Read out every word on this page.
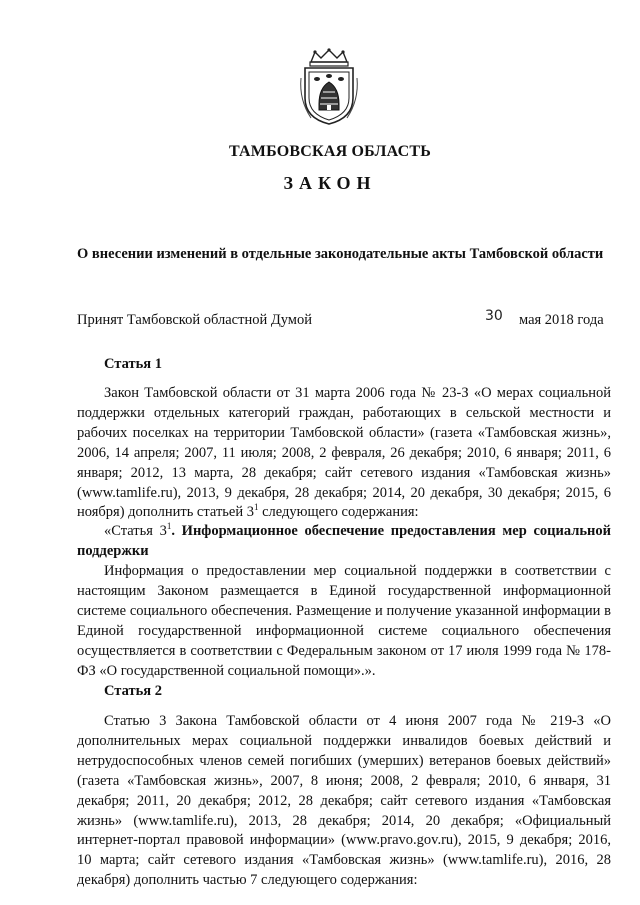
ТАМБОВСКАЯ ОБЛАСТЬ
ЗАКОН
О внесении изменений в отдельные законодательные акты Тамбовской области
Принят Тамбовской областной Думой	30 мая 2018 года
Статья 1

Закон Тамбовской области от 31 марта 2006 года № 23-З «О мерах социальной поддержки отдельных категорий граждан, работающих в сельской местности и рабочих поселках на территории Тамбовской области» (газета «Тамбовская жизнь», 2006, 14 апреля; 2007, 11 июля; 2008, 2 февраля, 26 декабря; 2010, 6 января; 2011, 6 января; 2012, 13 марта, 28 декабря; сайт сетевого издания «Тамбовская жизнь» (www.tamlife.ru), 2013, 9 декабря, 28 декабря; 2014, 20 декабря, 30 декабря; 2015, 6 ноября) дополнить статьей $3^1$ следующего содержания:

«Статья $3^1$. Информационное обеспечение предоставления мер социальной поддержки

Информация о предоставлении мер социальной поддержки в соответствии с настоящим Законом размещается в Единой государственной информационной системе социального обеспечения. Размещение и получение указанной информации в Единой государственной информационной системе социального обеспечения осуществляется в соответствии с Федеральным законом от 17 июля 1999 года № 178-ФЗ «О государственной социальной помощи».».

Статья 2

Статью 3 Закона Тамбовской области от 4 июня 2007 года № 219-З «О дополнительных мерах социальной поддержки инвалидов боевых действий и нетрудоспособных членов семей погибших (умерших) ветеранов боевых действий» (газета «Тамбовская жизнь», 2007, 8 июня; 2008, 2 февраля; 2010, 6 января, 31 декабря; 2011, 20 декабря; 2012, 28 декабря; сайт сетевого издания «Тамбовская жизнь» (www.tamlife.ru), 2013, 28 декабря; 2014, 20 декабря; «Официальный интернет-портал правовой информации» (www.pravo.gov.ru), 2015, 9 декабря; 2016, 10 марта; сайт сетевого издания «Тамбовская жизнь» (www.tamlife.ru), 2016, 28 декабря) дополнить частью 7 следующего содержания:
